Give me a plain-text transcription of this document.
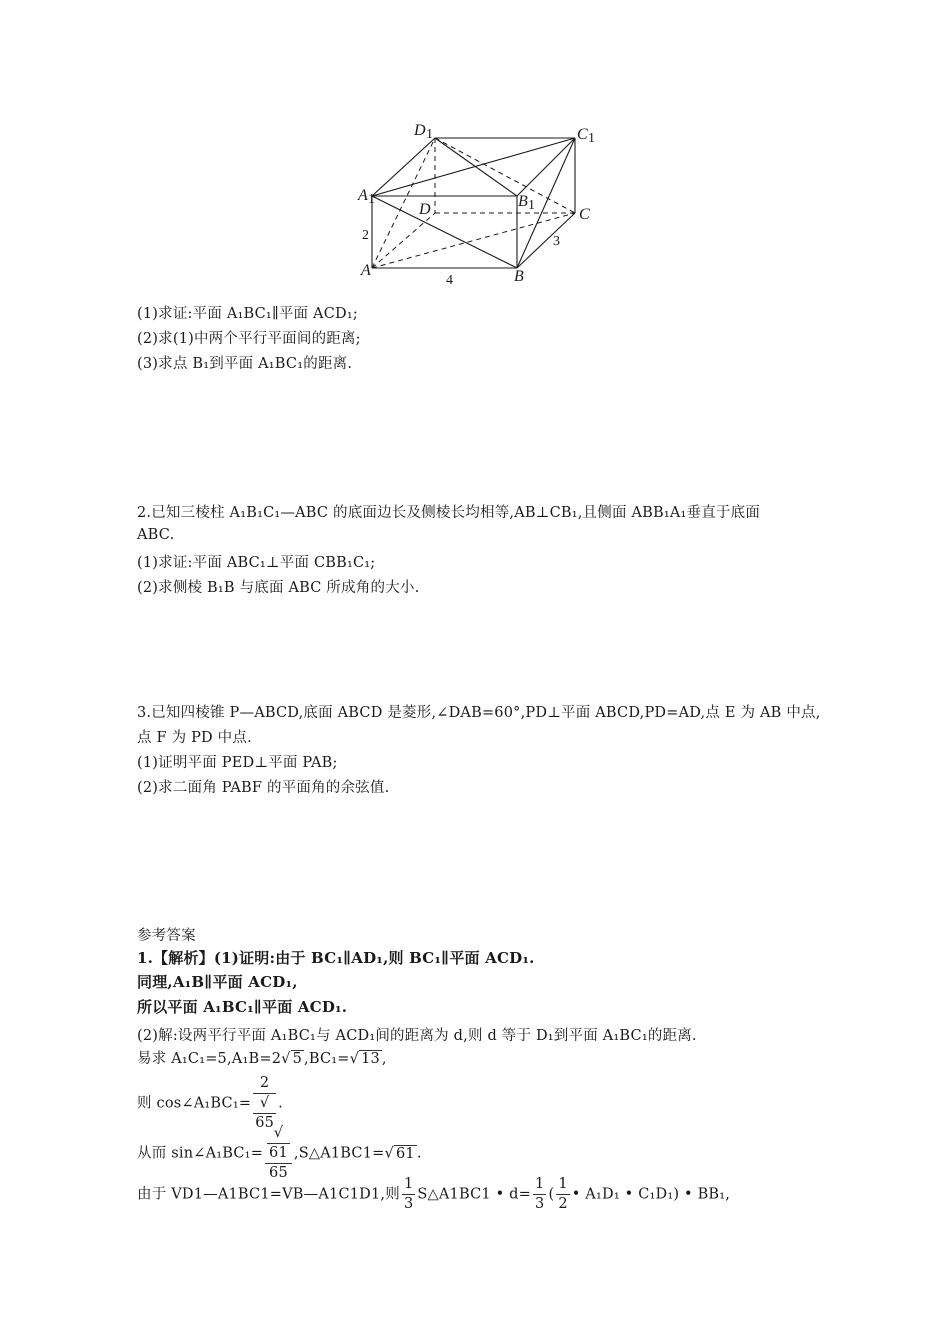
D 1	C 1
A 1	B 1
D	C
A	B
2
4
3
(1)求证:平面 A₁BC₁∥平面 ACD₁;
(2)求(1)中两个平行平面间的距离;
(3)求点 B₁到平面 A₁BC₁的距离.
2.已知三棱柱 A₁B₁C₁—ABC 的底面边长及侧棱长均相等,AB⊥CB₁,且侧面 ABB₁A₁垂直于底面
ABC.
(1)求证:平面 ABC₁⊥平面 CBB₁C₁;
(2)求侧棱 B₁B 与底面 ABC 所成角的大小.
3.已知四棱锥 P—ABCD,底面 ABCD 是菱形,∠DAB=60°,PD⊥平面 ABCD,PD=AD,点 E 为 AB 中点,
点 F 为 PD 中点.
(1)证明平面 PED⊥平面 PAB;
(2)求二面角 PABF 的平面角的余弦值.
参考答案
1.【解析】(1)证明:由于 BC₁∥AD₁,则 BC₁∥平面 ACD₁.
同理,A₁B∥平面 ACD₁,
所以平面 A₁BC₁∥平面 ACD₁.
(2)解:设两平行平面 A₁BC₁与 ACD₁间的距离为 d,则 d 等于 D₁到平面 A₁BC₁的距离.
易求 A₁C₁=5,A₁B=2√ 5 ,BC₁=√ 13 ,
则 cos∠A₁BC₁= 2
√
65 .
从而 sin∠A₁BC₁= √
61
65 ,S△A1BC1=√ 61 .
由于 VD1—A1BC1=VB—A1C1D1,则 $\frac{1}{3}$ S△A1BC1 • $d= \frac{1}{3}$ ( $\frac{1}{2}$ • A₁D₁ • C₁D₁) • BB₁,
